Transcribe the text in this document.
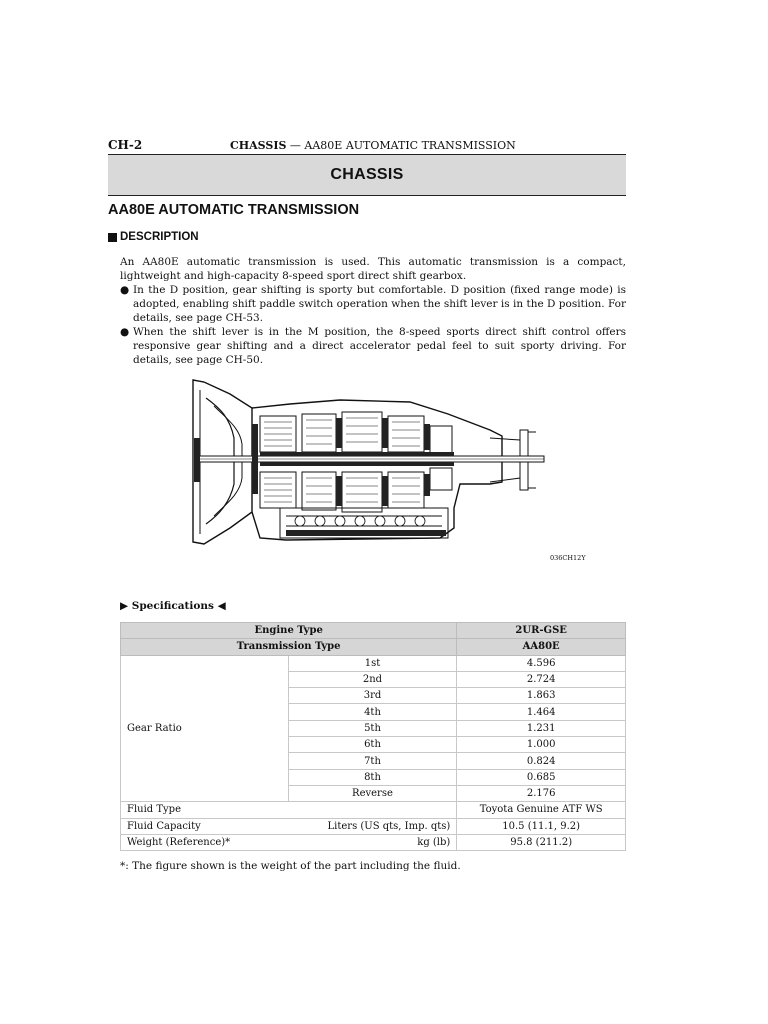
CH-2	CHASSIS — AA80E AUTOMATIC TRANSMISSION
CHASSIS
AA80E AUTOMATIC TRANSMISSION
DESCRIPTION

An AA80E automatic transmission is used. This automatic transmission is a compact, lightweight and high-capacity 8-speed sport direct shift gearbox.

● In the D position, gear shifting is sporty but comfortable. D position (fixed range mode) is adopted, enabling shift paddle switch operation when the shift lever is in the D position. For details, see page CH-53.
● When the shift lever is in the M position, the 8-speed sports direct shift control offers responsive gear shifting and a direct accelerator pedal feel to suit sporty driving. For details, see page CH-50.
036CH12Y
▶ Specifications ◀
Engine Type		2UR-GSE
Transmission Type		AA80E
Gear Ratio	1st	4.596
	2nd	2.724
	3rd	1.863
	4th	1.464
	5th	1.231
	6th	1.000
	7th	0.824
	8th	0.685
	Reverse	2.176
Fluid Type		Toyota Genuine ATF WS
Fluid Capacity Liters (US qts, Imp. qts)		10.5 (11.1, 9.2)
Weight (Reference)* kg (lb)		95.8 (211.2)
*: The figure shown is the weight of the part including the fluid.
